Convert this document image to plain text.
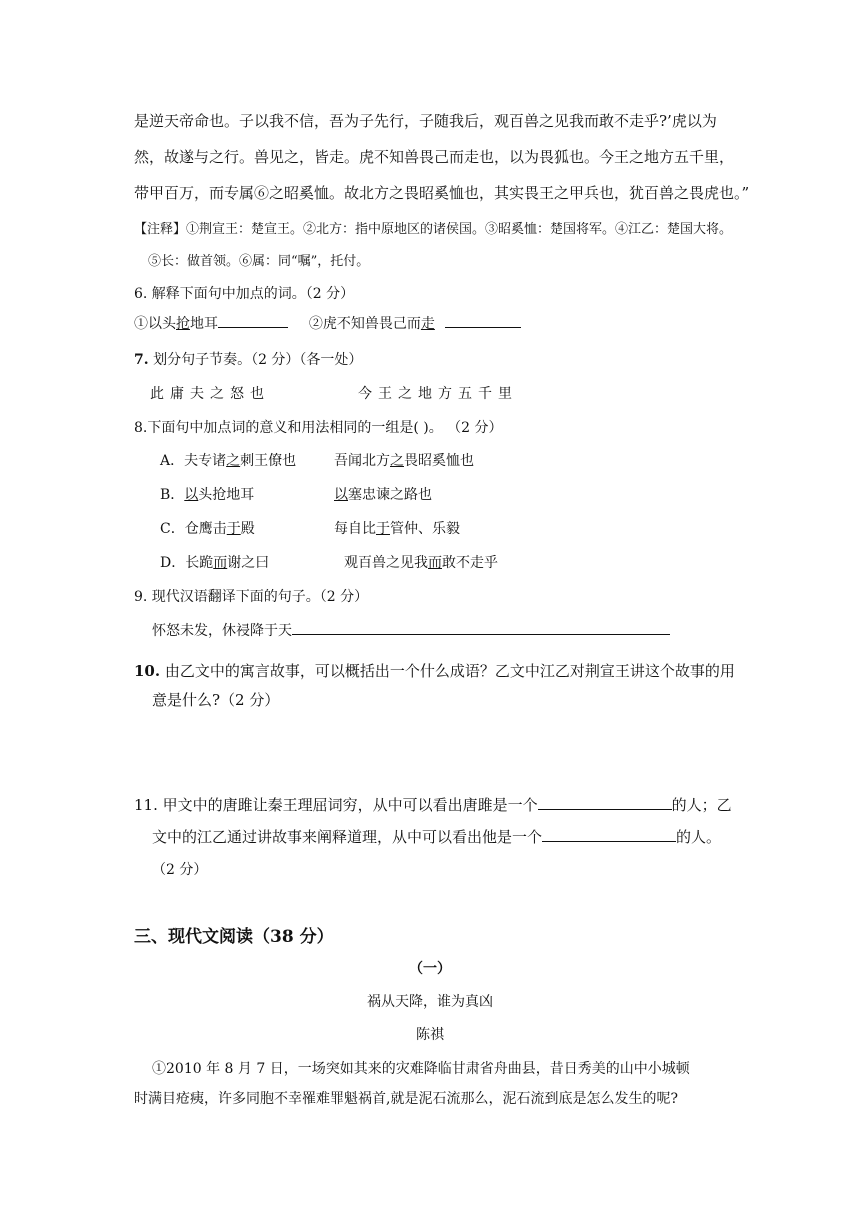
是逆天帝命也。子以我不信，吾为子先行，子随我后，观百兽之见我而敢不走乎?’虎以为
然，故遂与之行。兽见之，皆走。虎不知兽畏己而走也，以为畏狐也。今王之地方五千里，
带甲百万，而专属⑥之昭奚恤。故北方之畏昭奚恤也，其实畏王之甲兵也，犹百兽之畏虎也。”
【注释】①荆宣王：楚宣王。②北方：指中原地区的诸侯国。③昭奚恤：楚国将军。④江乙：楚国大将。
⑤长：做首领。⑥属：同“嘱”，托付。
6. 解释下面句中加点的词。（2 分）
①以头抢地耳	②虎不知兽畏己而走
7. 划分句子节奏。（2 分）（各一处）
此庸夫之怒也	今王之地方五千里
8.下面句中加点词的意义和用法相同的一组是( )。 （2 分）
A．夫专诸之刺王僚也	吾闻北方之畏昭奚恤也
B．以头抢地耳	以塞忠谏之路也
C．仓鹰击于殿	每自比于管仲、乐毅
D．长跪而谢之曰	观百兽之见我而敢不走乎
9. 现代汉语翻译下面的句子。（2 分）
怀怒未发，休祲降于天
10. 由乙文中的寓言故事，可以概括出一个什么成语？乙文中江乙对荆宣王讲这个故事的用
意是什么?（2 分）
11. 甲文中的唐雎让秦王理屈词穷，从中可以看出唐雎是一个	的人；乙
文中的江乙通过讲故事来阐释道理，从中可以看出他是一个	的人。
（2 分）
三、现代文阅读（38 分）
（一）
祸从天降，谁为真凶
陈祺
①2010 年 8 月 7 日，一场突如其来的灾难降临甘肃省舟曲县，昔日秀美的山中小城顿
时满目疮痍，许多同胞不幸罹难罪魁祸首,就是泥石流那么，泥石流到底是怎么发生的呢?
